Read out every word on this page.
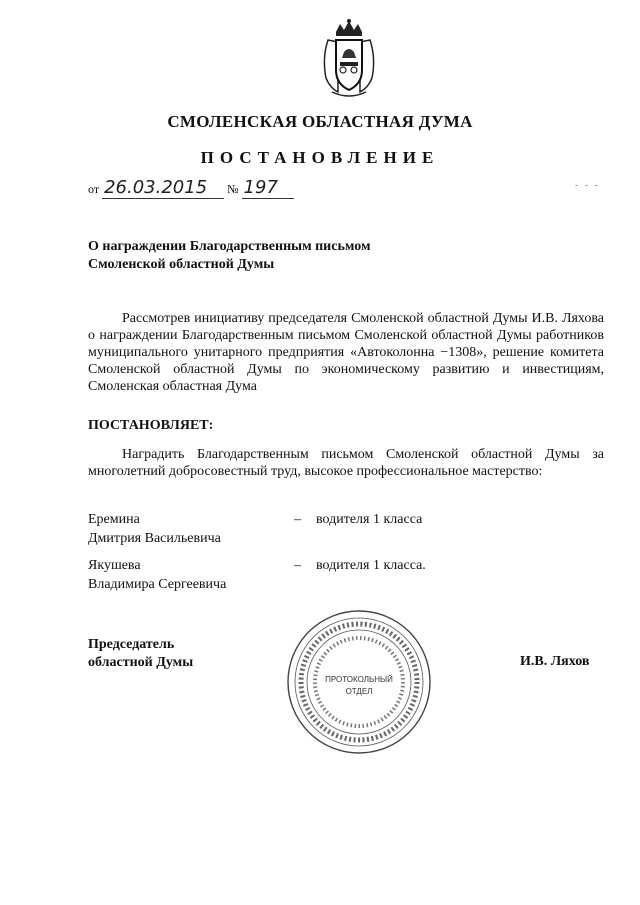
СМОЛЕНСКАЯ ОБЛАСТНАЯ ДУМА
ПОСТАНОВЛЕНИЕ
от 26.03.2015 № 197	- - -
О награждении Благодарственным письмом
Смоленской областной Думы
Рассмотрев инициативу председателя Смоленской областной Думы И.В. Ляхова о награждении Благодарственным письмом Смоленской областной Думы работников муниципального унитарного предприятия «Автоколонна −1308», решение комитета Смоленской областной Думы по экономическому развитию и инвестициям, Смоленская областная Дума
ПОСТАНОВЛЯЕТ:
Наградить Благодарственным письмом Смоленской областной Думы за многолетний добросовестный труд, высокое профессиональное мастерство:
Еремина
Дмитрия Васильевича
– водителя 1 класса
Якушева
Владимира Сергеевича
– водителя 1 класса.
Председатель
областной Думы
ПРОТОКОЛЬНЫЙ
ОТДЕЛ
И.В. Ляхов
